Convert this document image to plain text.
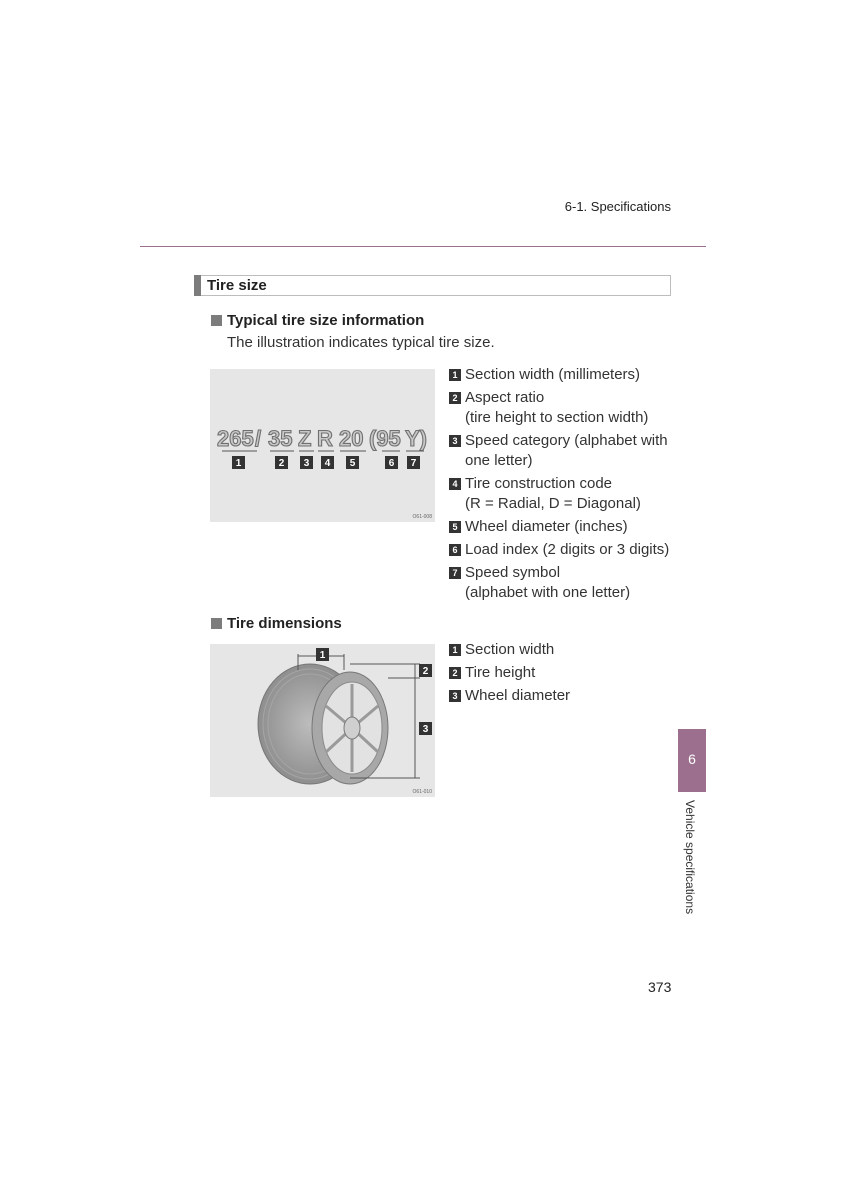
6-1. Specifications
Tire size
Typical tire size information
The illustration indicates typical tire size.
265 / 35 Z R 20 (95 Y)
1	2 3 4 5	6 7
O61-008
1 Section width (millimeters)
2 Aspect ratio
(tire height to section width)
3 Speed category (alphabet with
one letter)
4 Tire construction code
(R = Radial, D = Diagonal)
5 Wheel diameter (inches)
6 Load index (2 digits or 3 digits)
7 Speed symbol
(alphabet with one letter)
Tire dimensions
1
2
3
O61-010
1 Section width
2 Tire height
3 Wheel diameter
6
Vehicle specifications
373
